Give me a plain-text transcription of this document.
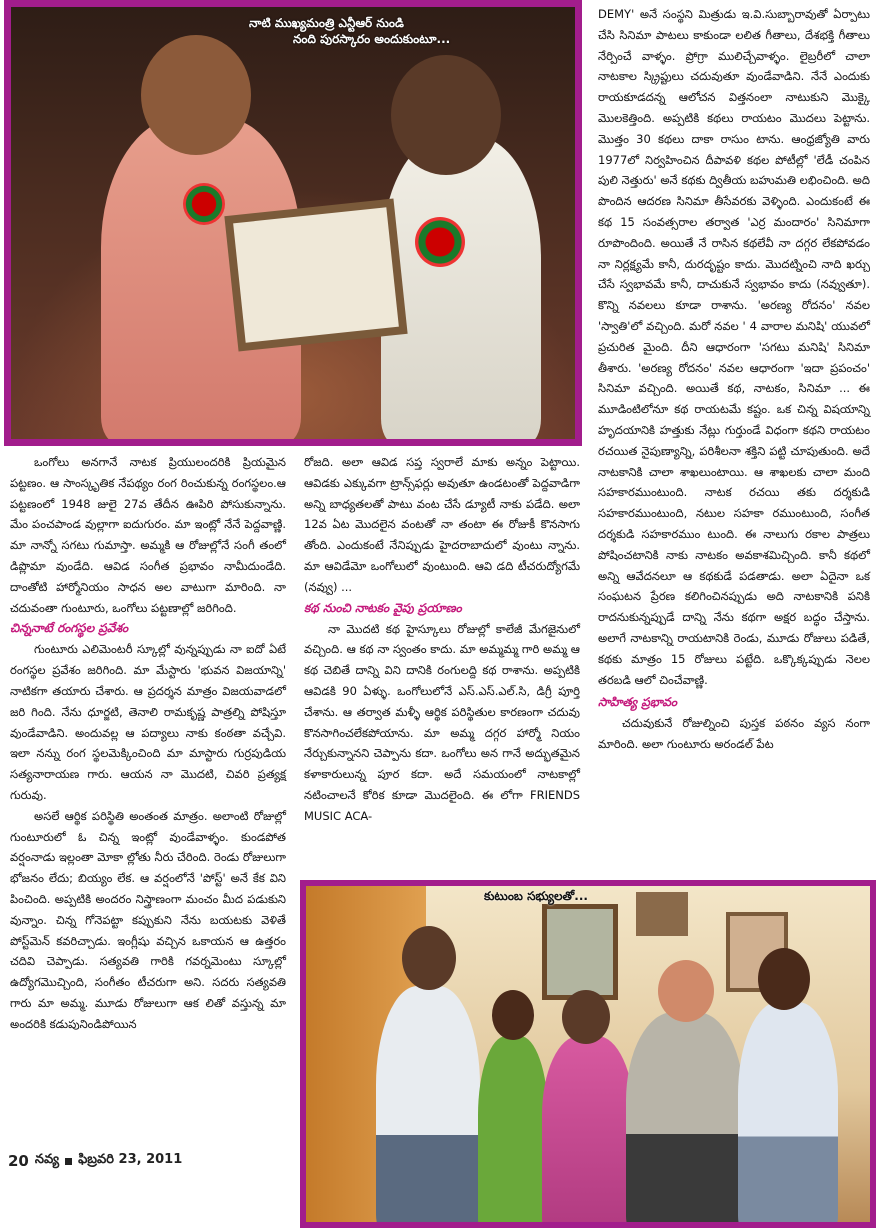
నాటి ముఖ్యమంత్రి ఎన్టీఆర్ నుండి
నంది పురస్కారం అందుకుంటూ...

DEMY' అనే సంస్థని మిత్రుడు ఇ.వి.సుబ్బారావుతో ఏర్పాటు చేసి సినిమా పాటలు కాకుండా లలిత గీతాలు, దేశభక్తి గీతాలు నేర్పించే వాళ్ళం. ప్రోగ్రా ములిచ్చేవాళ్ళం. లైబ్రరీలో చాలా నాటకాల స్క్రిప్టులు చదువుతూ వుండేవాడిని. నేనే ఎందుకు రాయకూడదన్న ఆలోచన విత్తనంలా నాటుకుని మొక్కై మొలకెత్తింది. అప్పటికి కథలు రాయటం మొదలు పెట్టాను. మొత్తం 30 కథలు దాకా రాసుం టాను. ఆంధ్రజ్యోతి వారు 1977లో నిర్వహించిన దీపావళి కథల పోటీల్లో 'లేడీ చంపిన పులి నెత్తురు' అనే కథకు ద్వితీయ బహుమతి లభించింది. అది పొందిన ఆదరణ సినిమా తీసేవరకు వెళ్ళింది. ఎందుకంటే ఈ కథ 15 సంవత్సరాల తర్వాత 'ఎర్ర మందారం' సినిమాగా రూపొందింది. అయితే నే రాసిన కథలేవీ నా దగ్గర లేకపోవడం నా నిర్లక్ష్యమే కానీ, దురదృష్టం కాదు. మొదట్నించి నాది ఖర్చు చేసే స్వభావమే కానీ, దాచుకునే స్వభావం కాదు (నవ్వుతూ). కొన్ని నవలలు కూడా రాశాను. 'అరణ్య రోదనం' నవల 'స్వాతి'లో వచ్చింది. మరో నవల ' 4 వారాల మనిషి' యువలో ప్రచురిత మైంది. దీని ఆధారంగా 'సగటు మనిషి' సినిమా తీశారు. 'అరణ్య రోదనం' నవల ఆధారంగా 'ఇదా ప్రపంచం' సినిమా వచ్చింది. అయితే కథ, నాటకం, సినిమా ... ఈ మూడింటిలోనూ కథ రాయటమే కష్టం. ఒక చిన్న విషయాన్ని హృదయానికి హత్తుకు నేట్లు గుర్తుండే విధంగా కథని రాయటం రచయిత నైపుణ్యాన్ని, పరిశీలనా శక్తిని పట్టి చూపుతుంది. అదే నాటకానికి చాలా శాఖలుంటాయి. ఆ శాఖలకు చాలా మంది సహకారముంటుంది. నాటక రచయి తకు దర్శకుడి సహకారముంటుంది, నటుల సహకా రముంటుంది, సంగీత దర్శకుడి సహకారముం టుంది. ఈ నాలుగు రకాల పాత్రలు పోషించటానికి నాకు నాటకం అవకాశమిచ్చింది. కానీ కథలో అన్ని ఆవేదనలూ ఆ కథకుడే పడతాడు. అలా ఏదైనా ఒక సంఘటన ప్రేరణ కలిగించినప్పుడు అది నాటకానికి పనికి రాదనుకున్నప్పుడే దాన్ని నేను కథగా అక్షర బద్ధం చేస్తాను. అలాగే నాటకాన్ని రాయటానికి రెండు, మూడు రోజులు పడితే, కథకు మాత్రం 15 రోజులు పట్టేది. ఒక్కొక్కప్పుడు నెలల తరబడి ఆలో చించేవాణ్ణి.

సాహిత్య ప్రభావం

చదువుకునే రోజుల్నించి పుస్తక పఠనం వ్యస నంగా మారింది. అలా గుంటూరు అరండల్ పేట

ఒంగోలు అనగానే నాటక ప్రియులందరికి ప్రియమైన పట్టణం. ఆ సాంస్కృతిక నేపథ్యం రంగ రించుకున్న రంగస్థలం.ఆ పట్టణంలో 1948 జులై 27వ తేదీన ఊపిరి పోసుకున్నాను. మేం పంచపాండ వుల్లాగా ఐదుగురం. మా ఇంట్లో నేనే పెద్దవాణ్ణి. మా నాన్నో సగటు గుమాస్తా. అమ్మకి ఆ రోజుల్లోనే సంగీ తంలో డిప్లొమా వుండేది. ఆవిడ సంగీత ప్రభావం నామీదుండేది. దాంతోటి హార్మోనియం సాధన అల వాటుగా మారింది. నా చదువంతా గుంటూరు, ఒంగోలు పట్టణాల్లో జరిగింది.

చిన్ననాటే రంగస్థల ప్రవేశం

గుంటూరు ఎలిమెంటరీ స్కూల్లో వున్నప్పుడు నా ఐదో ఏటే రంగస్థల ప్రవేశం జరిగింది. మా మేస్టారు 'భువన విజయాన్ని' నాటికగా తయారు చేశారు. ఆ ప్రదర్శన మాత్రం విజయవాడలో జరి గింది. నేను ధూర్జటి, తెనాలి రామకృష్ణ పాత్రల్ని పోషిస్తూ వుండేవాడిని. అందువల్ల ఆ పద్యాలు నాకు కంఠతా వచ్చేవి. ఇలా నన్ను రంగ స్థలమెక్కించింది మా మాస్టారు గుర్రపుడియ సత్యనారాయణ గారు. ఆయన నా మొదటి, చివరి ప్రత్యక్ష గురువు.

అసలే ఆర్థిక పరిస్థితి అంతంత మాత్రం. అలాంటి రోజుల్లో గుంటూరులో ఓ చిన్న ఇంట్లో వుండేవాళ్ళం. కుండపోత వర్షంనాడు ఇల్లంతా మోకా ల్లోతు నీరు చేరింది. రెండు రోజులుగా భోజనం లేదు; బియ్యం లేక. ఆ వర్షంలోనే 'పోస్ట్' అనే కేక విని పించింది. అప్పటికి అందరం నిస్త్రాణంగా మంచం మీద పడుకుని వున్నాం. చిన్న గోనెపట్టా కప్పుకుని నేను బయటకు వెళితే పోస్ట్‌మెన్ కవరిచ్చాడు. ఇంగ్లీషు వచ్చిన ఒకాయన ఆ ఉత్తరం చదివి చెప్పాడు. సత్యవతి గారికి గవర్నమెంటు స్కూల్లో ఉద్యోగమొచ్చింది, సంగీతం టీచరుగా అని. సదరు సత్యవతి గారు మా అమ్మ. మూడు రోజులుగా ఆక లితో వస్తున్న మా అందరికి కడుపునిండిపోయిన

రోజది. అలా ఆవిడ సప్త స్వరాలే మాకు అన్నం పెట్టాయి. ఆవిడకు ఎక్కువగా ట్రాన్స్‌ఫర్లు అవుతూ ఉండటంతో పెద్దవాడిగా అన్ని బాధ్యతలతో పాటు వంట చేసే డ్యూటీ నాకు పడేది. అలా 12వ ఏట మొదలైన వంటతో నా తంటా ఈ రోజుకీ కొనసాగు తోంది. ఎందుకంటే నేనిప్పుడు హైదరాబాదులో వుంటు న్నాను. మా ఆవిడేమో ఒంగోలులో వుంటుంది. ఆవి డది టీచరుద్యోగమే (నవ్వు) ...

కథ నుంచి నాటకం వైపు ప్రయాణం

నా మొదటి కథ హైస్కూలు రోజుల్లో కాలేజీ మేగజైనులో వచ్చింది. ఆ కథ నా స్వంతం కాదు. మా అమ్మమ్మ గారి అమ్మ ఆ కథ చెబితే దాన్ని విని దానికి రంగులద్ది కథ రాశాను. అప్పటికి ఆవిడకి 90 ఏళ్ళు. ఒంగోలులోనే ఎస్.ఎస్.ఎల్.సి, డిగ్రీ పూర్తి చేశాను. ఆ తర్వాత మళ్ళీ ఆర్థిక పరిస్థితుల కారణంగా చదువు కొనసాగించలేకపోయాను. మా అమ్మ దగ్గర హార్మో నియం నేర్చుకున్నానని చెప్పాను కదా. ఒంగోలు అన గానే అద్భుతమైన కళాకారులున్న పూర కదా. అదే సమయంలో నాటకాల్లో నటించాలనే కోరిక కూడా మొదలైంది. ఈ లోగా FRIENDS MUSIC ACA-

కుటుంబ సభ్యులతో...
20 నవ్య ఫిబ్రవరి 23, 2011
